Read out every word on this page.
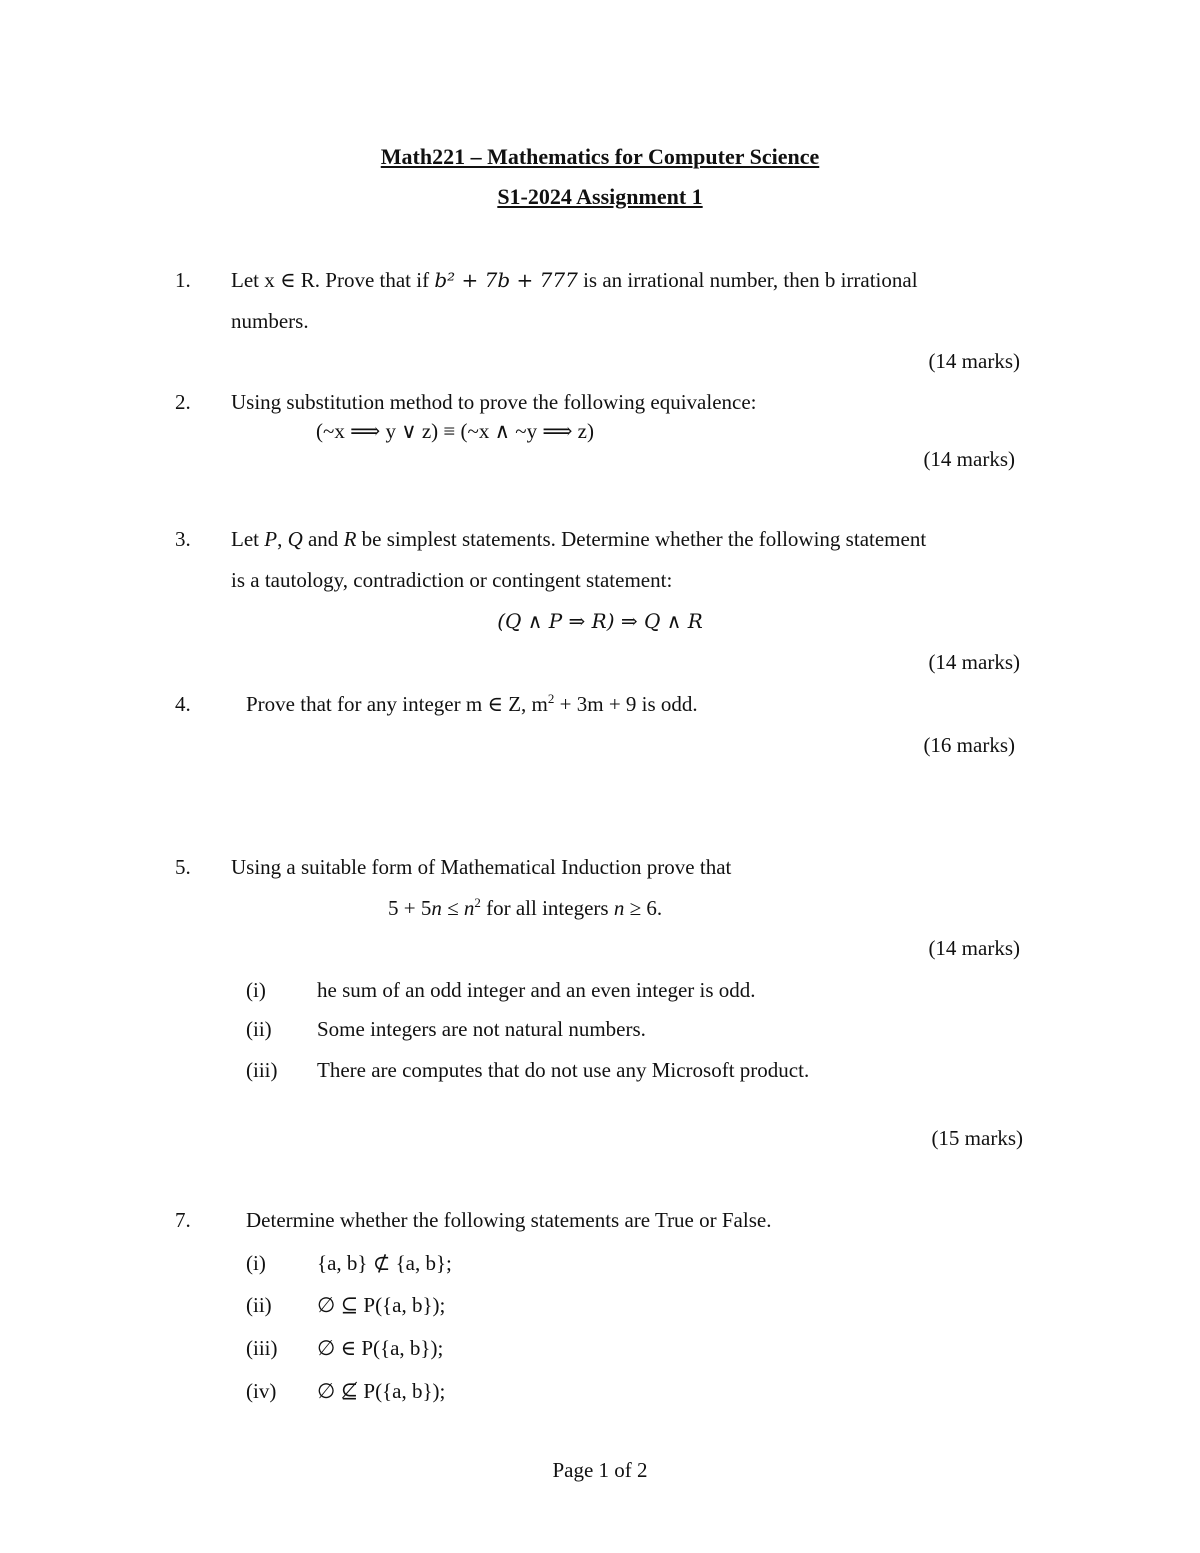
Math221 – Mathematics for Computer Science
S1-2024 Assignment 1
1. Let x ∈ R. Prove that if b² + 7b + 777 is an irrational number, then b irrational
numbers.
(14 marks)
2. Using substitution method to prove the following equivalence:
(~x ⟹ y ∨ z) ≡ (~x ∧ ~y ⟹ z)
(14 marks)
3. Let P, Q and R be simplest statements. Determine whether the following statement
is a tautology, contradiction or contingent statement:
(Q ∧ P ⇒ R) ⇒ Q ∧ R
(14 marks)
4.	Prove that for any integer m ∈ Z, $m^2 + 3m + 9$ is odd.
(16 marks)
5. Using a suitable form of Mathematical Induction prove that
$5 + 5n \le n^2$ for all integers n ≥ 6.
(14 marks)
(i) he sum of an odd integer and an even integer is odd.
(ii) Some integers are not natural numbers.
(iii) There are computes that do not use any Microsoft product.
(15 marks)
7.	Determine whether the following statements are True or False.
(i) {a, b} ⊄ {a, b};
(ii) ∅ ⊆ P({a, b});
(iii) ∅ ∈ P({a, b});
(iv) ∅ ⊈ P({a, b});
Page 1 of 2
